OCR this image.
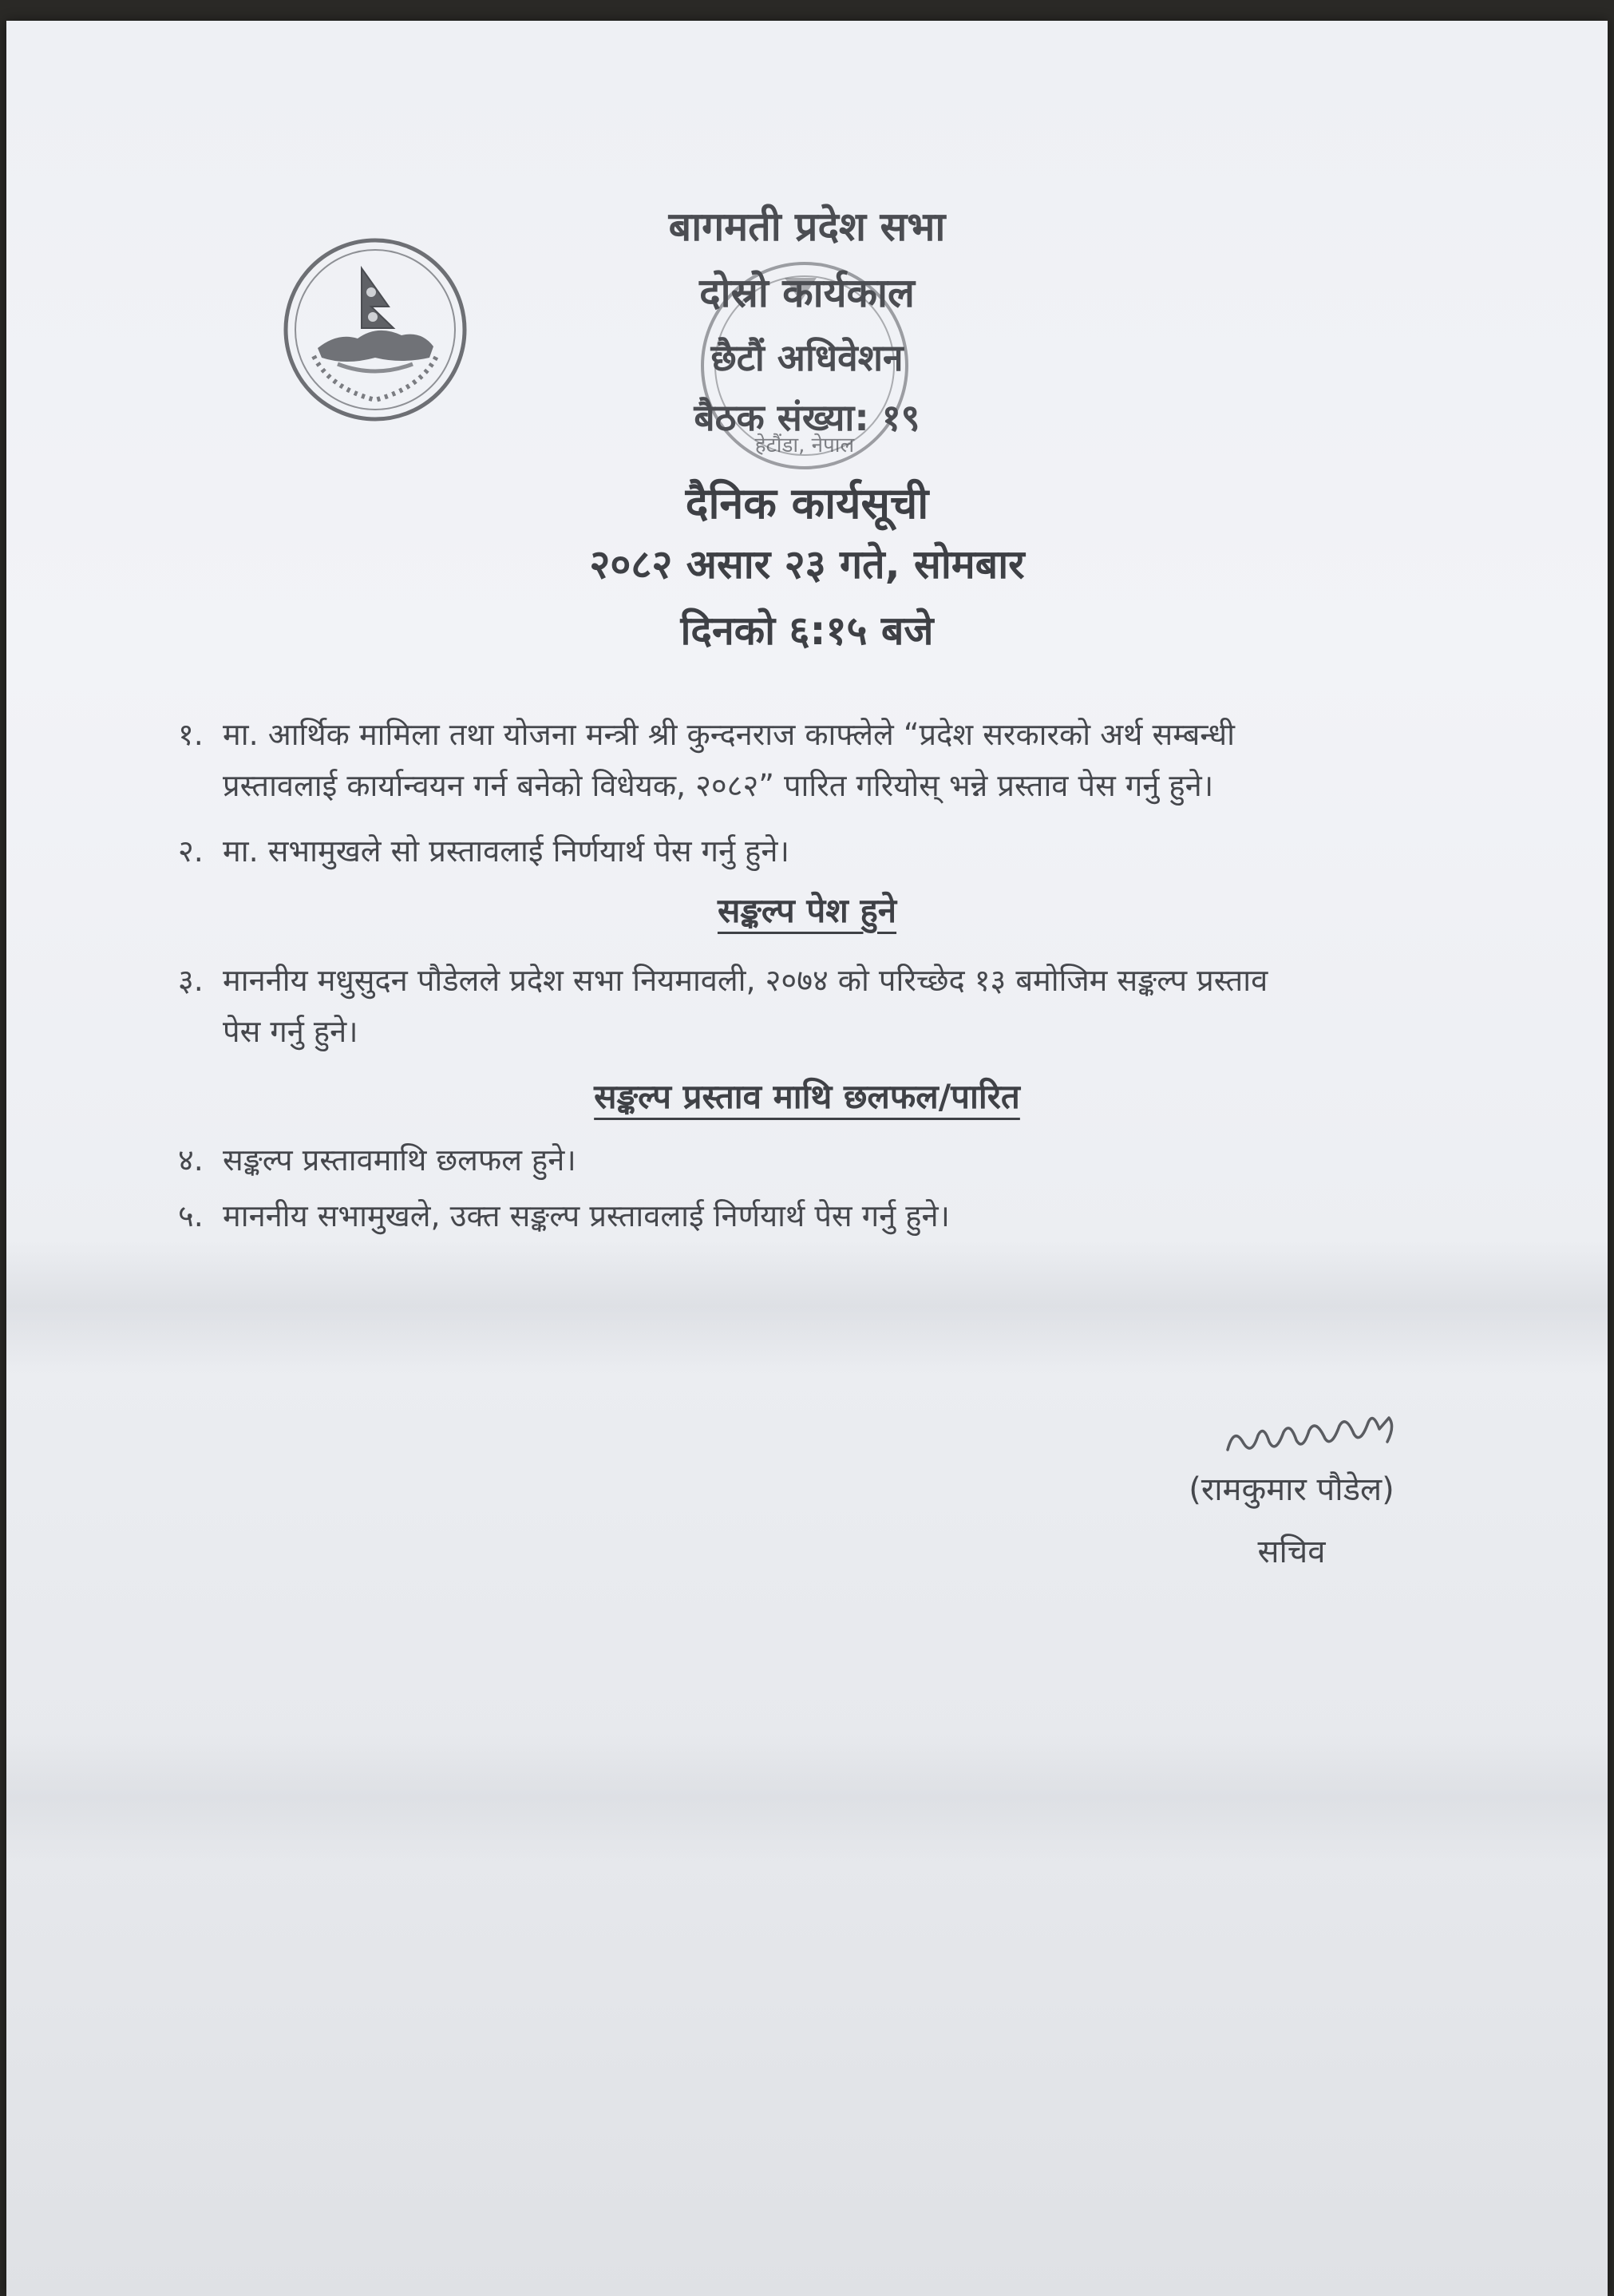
हेटौंडा, नेपाल
बागमती प्रदेश सभा
दोस्रो कार्यकाल
छैटौं अधिवेशन
बैठक संख्या: १९
दैनिक कार्यसूची
२०८२ असार २३ गते, सोमबार
दिनको ६:१५ बजे
१. मा. आर्थिक मामिला तथा योजना मन्त्री श्री कुन्दनराज काफ्लेले “प्रदेश सरकारको अर्थ सम्बन्धी
प्रस्तावलाई कार्यान्वयन गर्न बनेको विधेयक, २०८२” पारित गरियोस् भन्ने प्रस्ताव पेस गर्नु हुने।
२. मा. सभामुखले सो प्रस्तावलाई निर्णयार्थ पेस गर्नु हुने।
सङ्कल्प पेश हुने
३. माननीय मधुसुदन पौडेलले प्रदेश सभा नियमावली, २०७४ को परिच्छेद १३ बमोजिम सङ्कल्प प्रस्ताव
पेस गर्नु हुने।
सङ्कल्प प्रस्ताव माथि छलफल/पारित
४. सङ्कल्प प्रस्तावमाथि छलफल हुने।
५. माननीय सभामुखले, उक्त सङ्कल्प प्रस्तावलाई निर्णयार्थ पेस गर्नु हुने।
(रामकुमार पौडेल)
सचिव
